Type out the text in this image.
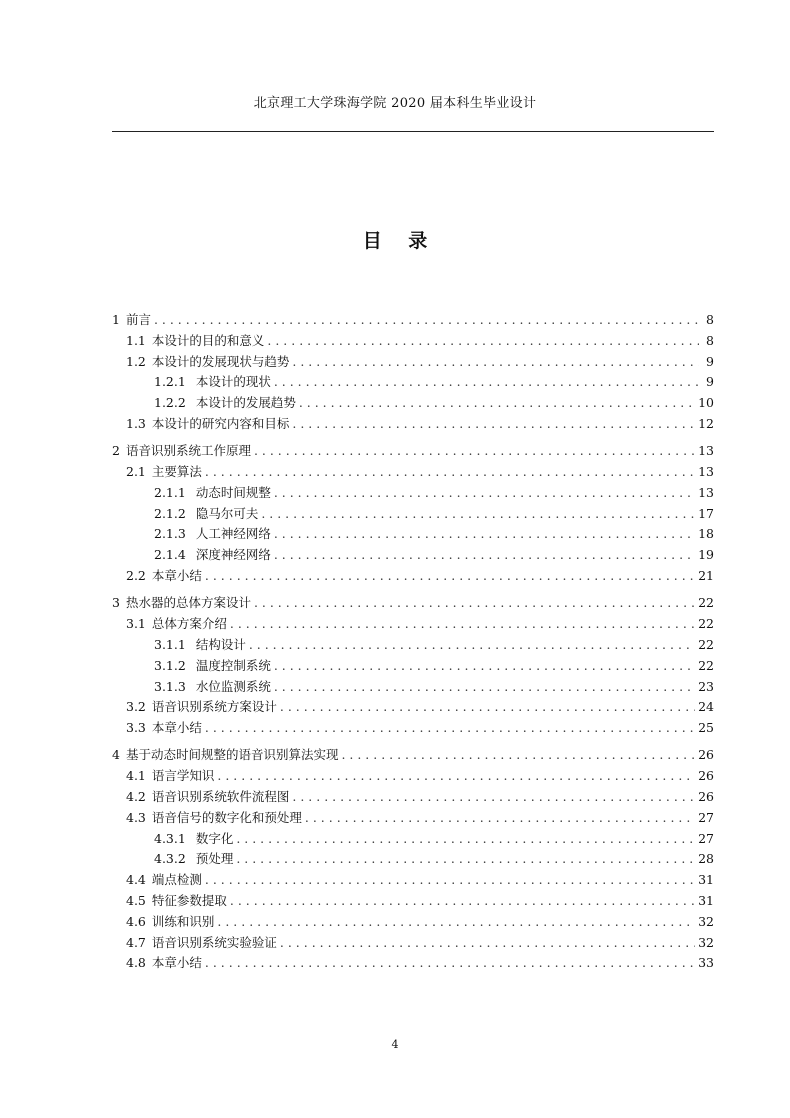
北京理工大学珠海学院 2020 届本科生毕业设计
目 录
1 前言 . . .	8
1.1 本设计的目的和意义 . . .	8
1.2 本设计的发展现状与趋势 . . .	9
1.2.1 本设计的现状 . . .	9
1.2.2 本设计的发展趋势 . . .	10
1.3 本设计的研究内容和目标 . . .	12
2 语音识别系统工作原理 . . .	13
2.1 主要算法 . . .	13
2.1.1 动态时间规整 . . .	13
2.1.2 隐马尔可夫 . . .	17
2.1.3 人工神经网络 . . .	18
2.1.4 深度神经网络 . . .	19
2.2 本章小结 . . .	21
3 热水器的总体方案设计 . . .	22
3.1 总体方案介绍 . . .	22
3.1.1 结构设计 . . .	22
3.1.2 温度控制系统 . . .	22
3.1.3 水位监测系统 . . .	23
3.2 语音识别系统方案设计 . . .	24
3.3 本章小结 . . .	25
4 基于动态时间规整的语音识别算法实现 . . .	26
4.1 语言学知识 . . .	26
4.2 语音识别系统软件流程图 . . .	26
4.3 语音信号的数字化和预处理 . . .	27
4.3.1 数字化 . . .	27
4.3.2 预处理 . . .	28
4.4 端点检测 . . .	31
4.5 特征参数提取 . . .	31
4.6 训练和识别 . . .	32
4.7 语音识别系统实验验证 . . .	32
4.8 本章小结 . . .	33
4
